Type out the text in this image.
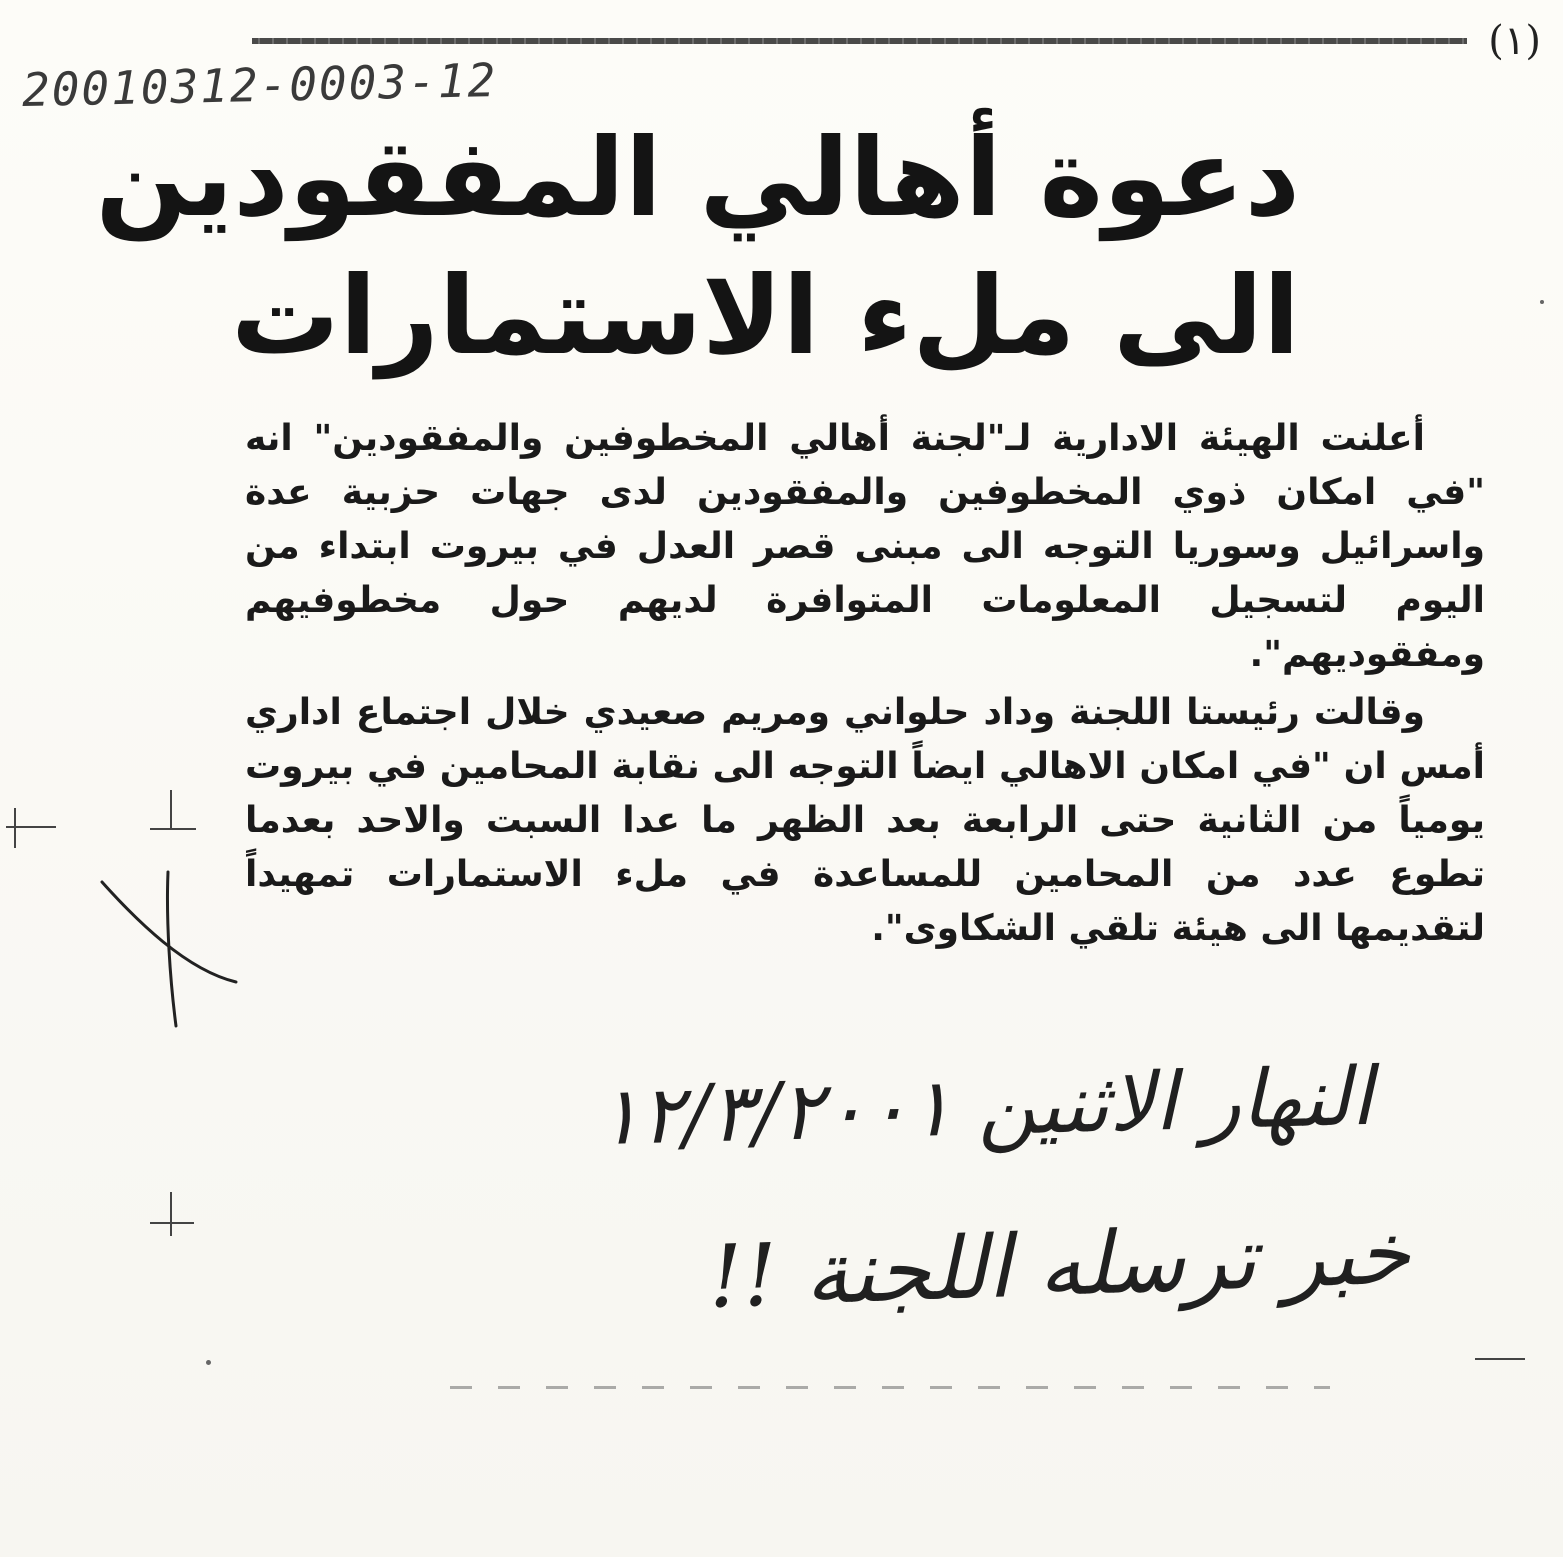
(١)
20010312-0003-12
دعوة أهالي المفقودين
الى ملء الاستمارات

أعلنت الهيئة الادارية لـ"لجنة أهالي المخطوفين والمفقودين" انه "في امكان ذوي المخطوفين والمفقودين لدى جهات حزبية عدة واسرائيل وسوريا التوجه الى مبنى قصر العدل في بيروت ابتداء من اليوم لتسجيل المعلومات المتوافرة لديهم حول مخطوفيهم ومفقوديهم".

وقالت رئيستا اللجنة وداد حلواني ومريم صعيدي خلال اجتماع اداري أمس ان "في امكان الاهالي ايضاً التوجه الى نقابة المحامين في بيروت يومياً من الثانية حتى الرابعة بعد الظهر ما عدا السبت والاحد بعدما تطوع عدد من المحامين للمساعدة في ملء الاستمارات تمهيداً لتقديمها الى هيئة تلقي الشكاوى".

النهار الاثنين ١٢/٣/٢٠٠١
خبر ترسله اللجنة !!
